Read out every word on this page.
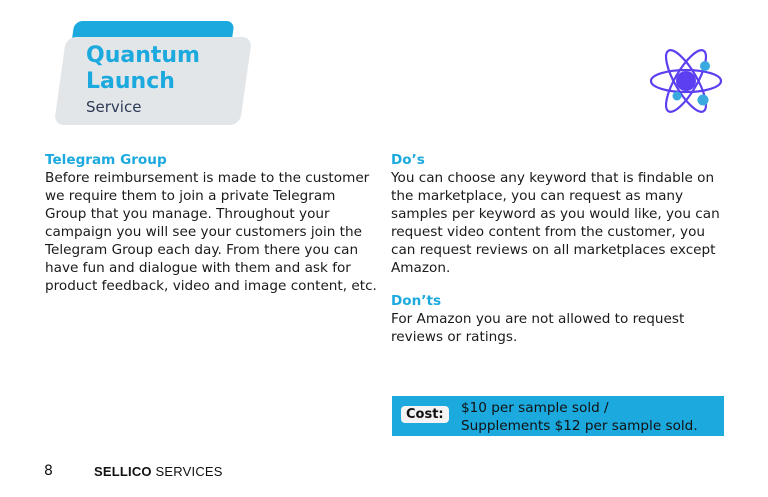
Quantum
Launch
Service
Telegram Group
Before reimbursement is made to the customer we require them to join a private Telegram Group that you manage. Throughout your campaign you will see your customers join the Telegram Group each day. From there you can have fun and dialogue with them and ask for product feedback, video and image content, etc.
Do’s
You can choose any keyword that is findable on the marketplace, you can request as many samples per keyword as you would like, you can request video content from the customer, you can request reviews on all marketplaces except Amazon.
Don’ts
For Amazon you are not allowed to request reviews or ratings.
Cost:	$10 per sample sold /
Supplements $12 per sample sold.
8	SELLICO SERVICES
